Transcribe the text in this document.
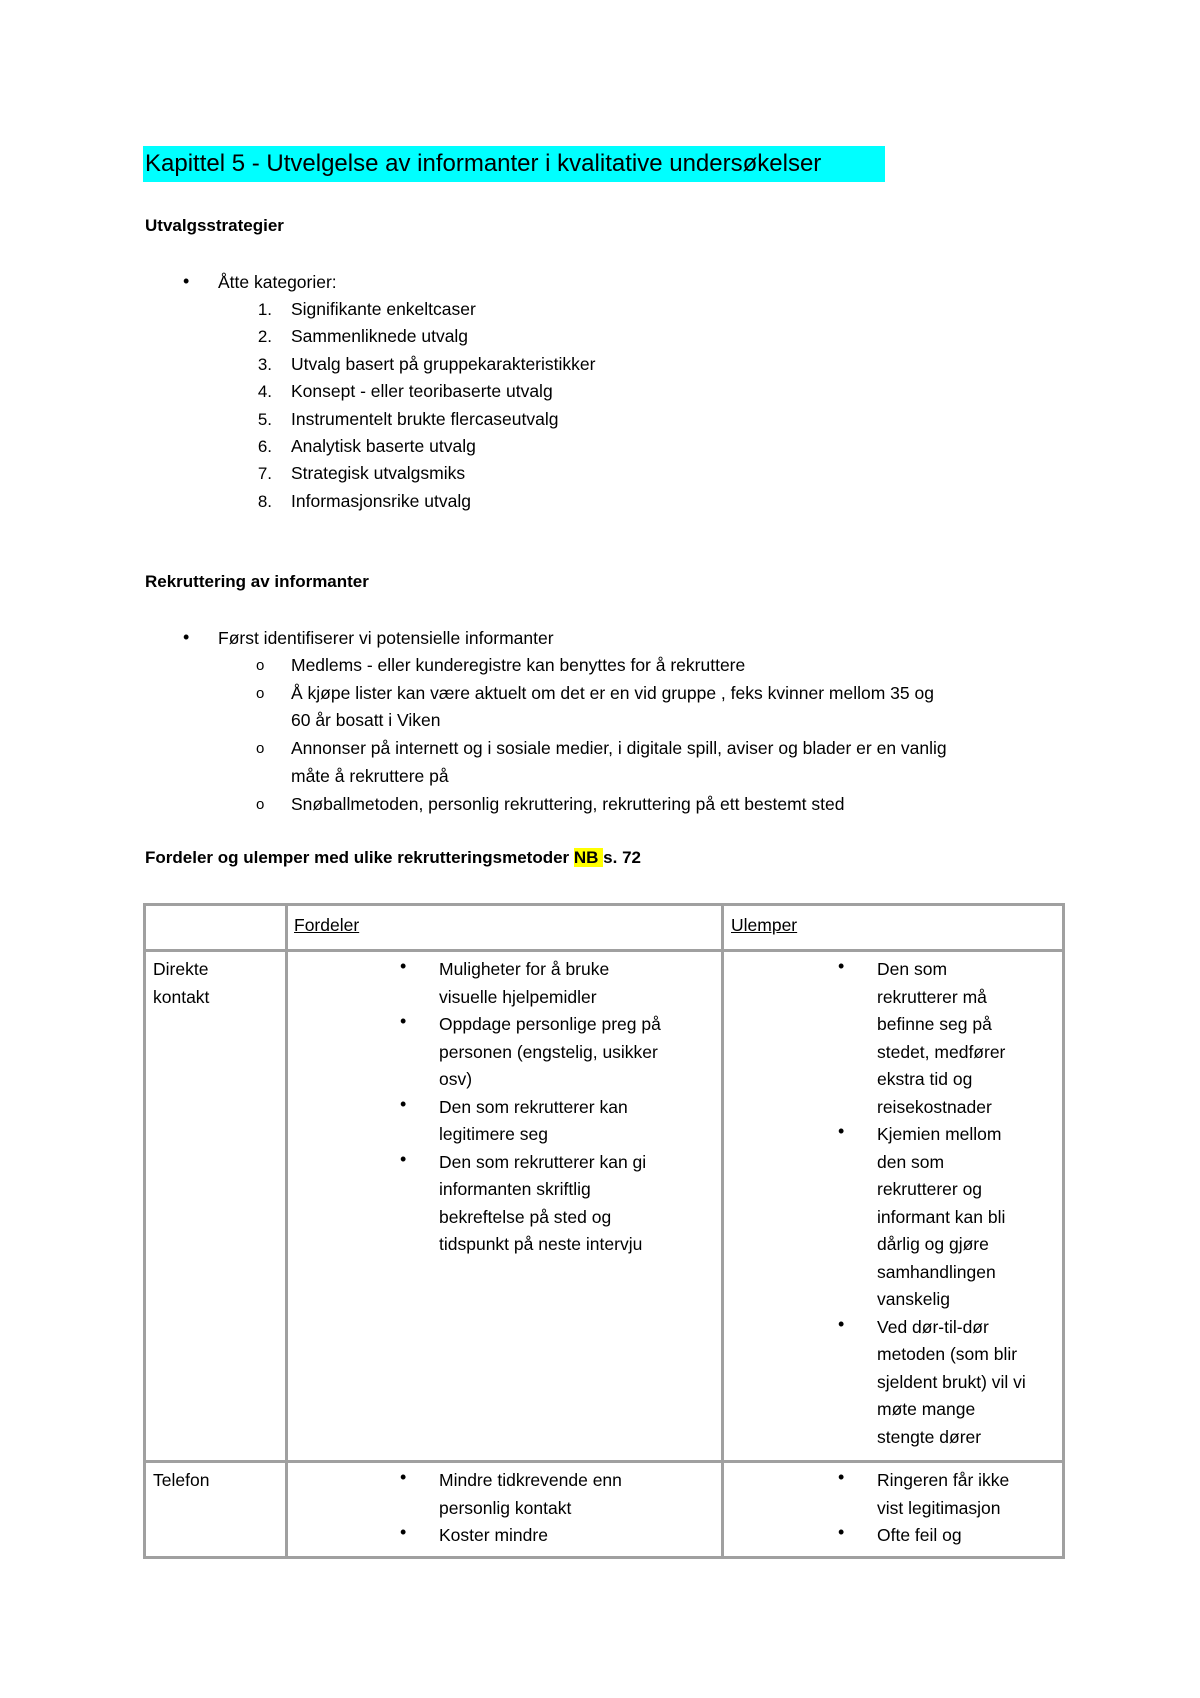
Kapittel 5 - Utvelgelse av informanter i kvalitative undersøkelser
Utvalgsstrategier
• Åtte kategorier:
1. Signifikante enkeltcaser
2. Sammenliknede utvalg
3. Utvalg basert på gruppekarakteristikker
4. Konsept - eller teoribaserte utvalg
5. Instrumentelt brukte flercaseutvalg
6. Analytisk baserte utvalg
7. Strategisk utvalgsmiks
8. Informasjonsrike utvalg
Rekruttering av informanter
• Først identifiserer vi potensielle informanter
o Medlems - eller kunderegistre kan benyttes for å rekruttere
o Å kjøpe lister kan være aktuelt om det er en vid gruppe , feks kvinner mellom 35 og
60 år bosatt i Viken
o Annonser på internett og i sosiale medier, i digitale spill, aviser og blader er en vanlig
måte å rekruttere på
o Snøballmetoden, personlig rekruttering, rekruttering på ett bestemt sted
Fordeler og ulemper med ulike rekrutteringsmetoder NB s. 72
Fordeler	Ulemper
Direkte
kontakt
• Muligheter for å bruke
visuelle hjelpemidler
• Oppdage personlige preg på
personen (engstelig, usikker
osv)
• Den som rekrutterer kan
legitimere seg
• Den som rekrutterer kan gi
informanten skriftlig
bekreftelse på sted og
tidspunkt på neste intervju
• Den som
rekrutterer må
befinne seg på
stedet, medfører
ekstra tid og
reisekostnader
• Kjemien mellom
den som
rekrutterer og
informant kan bli
dårlig og gjøre
samhandlingen
vanskelig
• Ved dør-til-dør
metoden (som blir
sjeldent brukt) vil vi
møte mange
stengte dører
Telefon	• Mindre tidkrevende enn
personlig kontakt
• Koster mindre
• Ringeren får ikke
vist legitimasjon
• Ofte feil og
